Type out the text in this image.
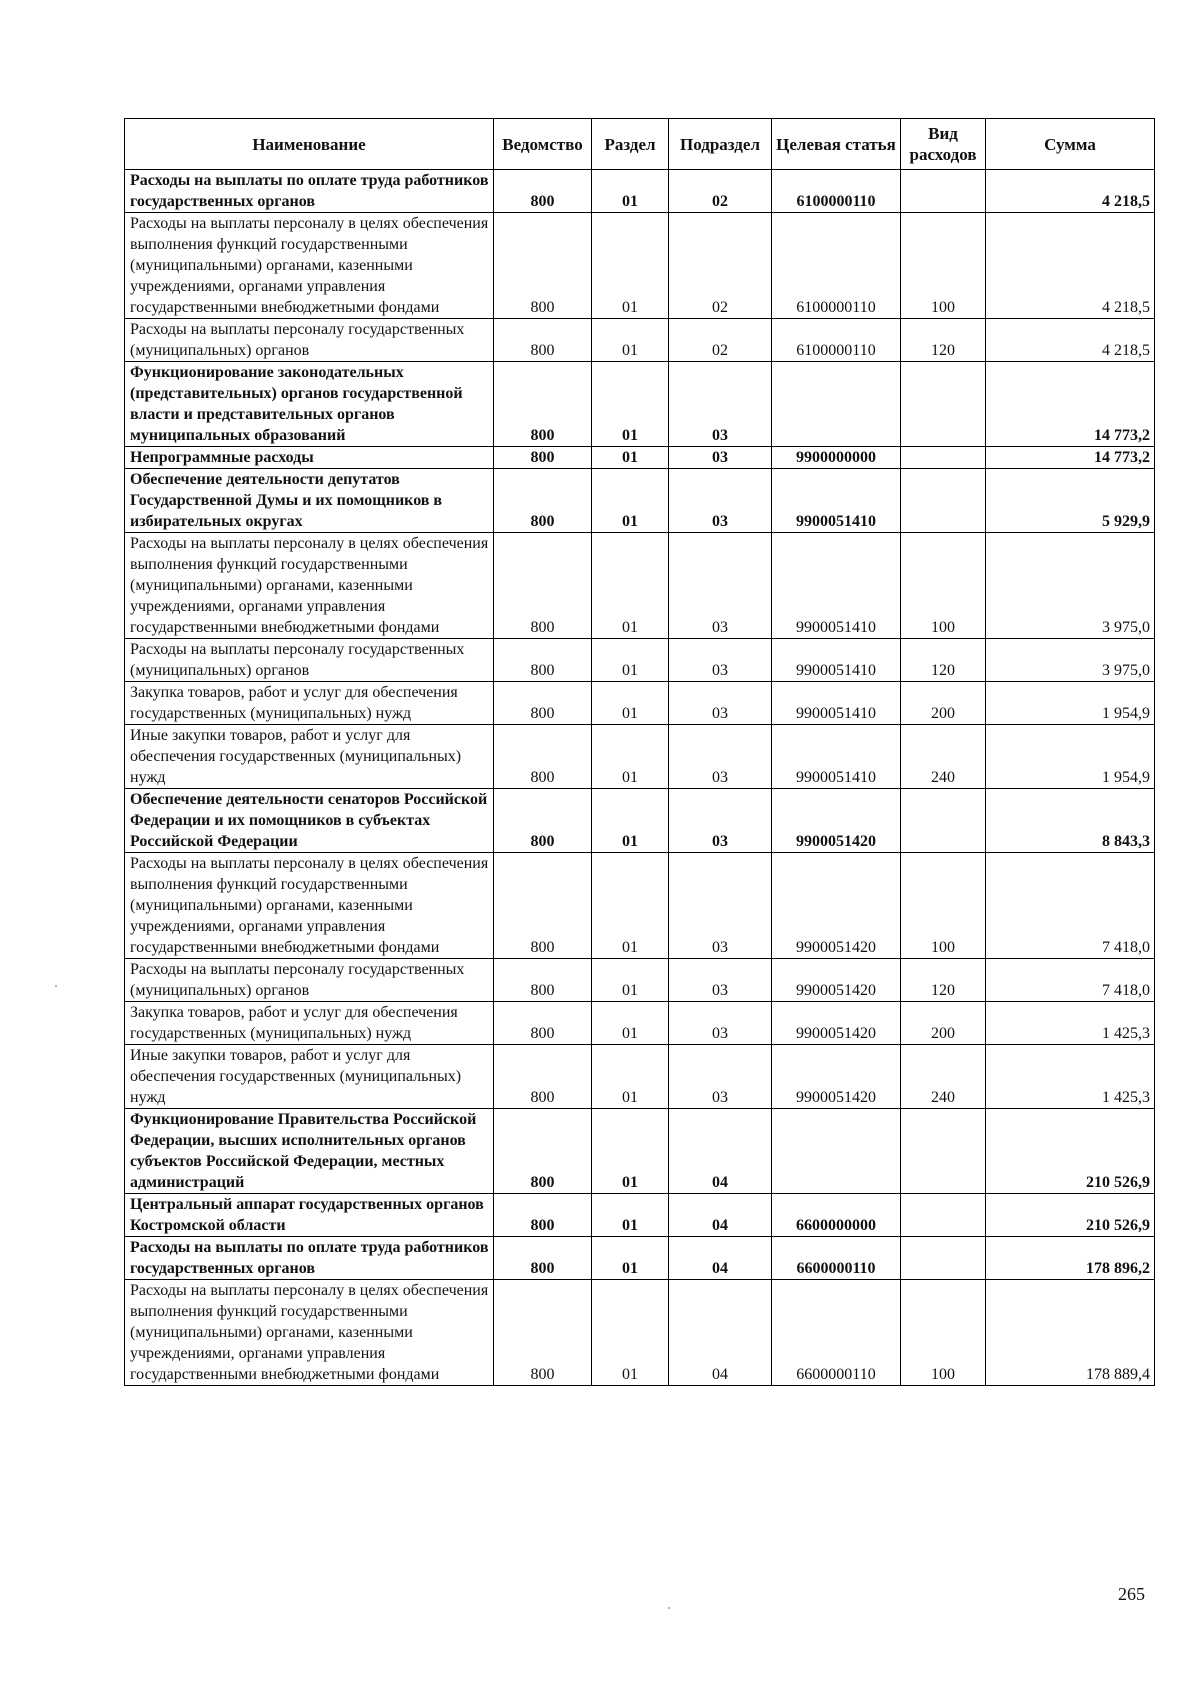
Наименование	Ведомство	Раздел	Подраздел	Целевая статья	Вид расходов	Сумма
Расходы на выплаты по оплате труда работников государственных органов	800	01	02	6100000110		4 218,5
Расходы на выплаты персоналу в целях обеспечения выполнения функций государственными (муниципальными) органами, казенными учреждениями, органами управления государственными внебюджетными фондами	800	01	02	6100000110	100	4 218,5
Расходы на выплаты персоналу государственных (муниципальных) органов	800	01	02	6100000110	120	4 218,5
Функционирование законодательных (представительных) органов государственной власти и представительных органов муниципальных образований	800	01	03			14 773,2
Непрограммные расходы	800	01	03	9900000000		14 773,2
Обеспечение деятельности депутатов Государственной Думы и их помощников в избирательных округах	800	01	03	9900051410		5 929,9
Расходы на выплаты персоналу в целях обеспечения выполнения функций государственными (муниципальными) органами, казенными учреждениями, органами управления государственными внебюджетными фондами	800	01	03	9900051410	100	3 975,0
Расходы на выплаты персоналу государственных (муниципальных) органов	800	01	03	9900051410	120	3 975,0
Закупка товаров, работ и услуг для обеспечения государственных (муниципальных) нужд	800	01	03	9900051410	200	1 954,9
Иные закупки товаров, работ и услуг для обеспечения государственных (муниципальных) нужд	800	01	03	9900051410	240	1 954,9
Обеспечение деятельности сенаторов Российской Федерации и их помощников в субъектах Российской Федерации	800	01	03	9900051420		8 843,3
Расходы на выплаты персоналу в целях обеспечения выполнения функций государственными (муниципальными) органами, казенными учреждениями, органами управления государственными внебюджетными фондами	800	01	03	9900051420	100	7 418,0
Расходы на выплаты персоналу государственных (муниципальных) органов	800	01	03	9900051420	120	7 418,0
Закупка товаров, работ и услуг для обеспечения государственных (муниципальных) нужд	800	01	03	9900051420	200	1 425,3
Иные закупки товаров, работ и услуг для обеспечения государственных (муниципальных) нужд	800	01	03	9900051420	240	1 425,3
Функционирование Правительства Российской Федерации, высших исполнительных органов субъектов Российской Федерации, местных администраций	800	01	04			210 526,9
Центральный аппарат государственных органов Костромской области	800	01	04	6600000000		210 526,9
Расходы на выплаты по оплате труда работников государственных органов	800	01	04	6600000110		178 896,2
Расходы на выплаты персоналу в целях обеспечения выполнения функций государственными (муниципальными) органами, казенными учреждениями, органами управления государственными внебюджетными фондами	800	01	04	6600000110	100	178 889,4
265
